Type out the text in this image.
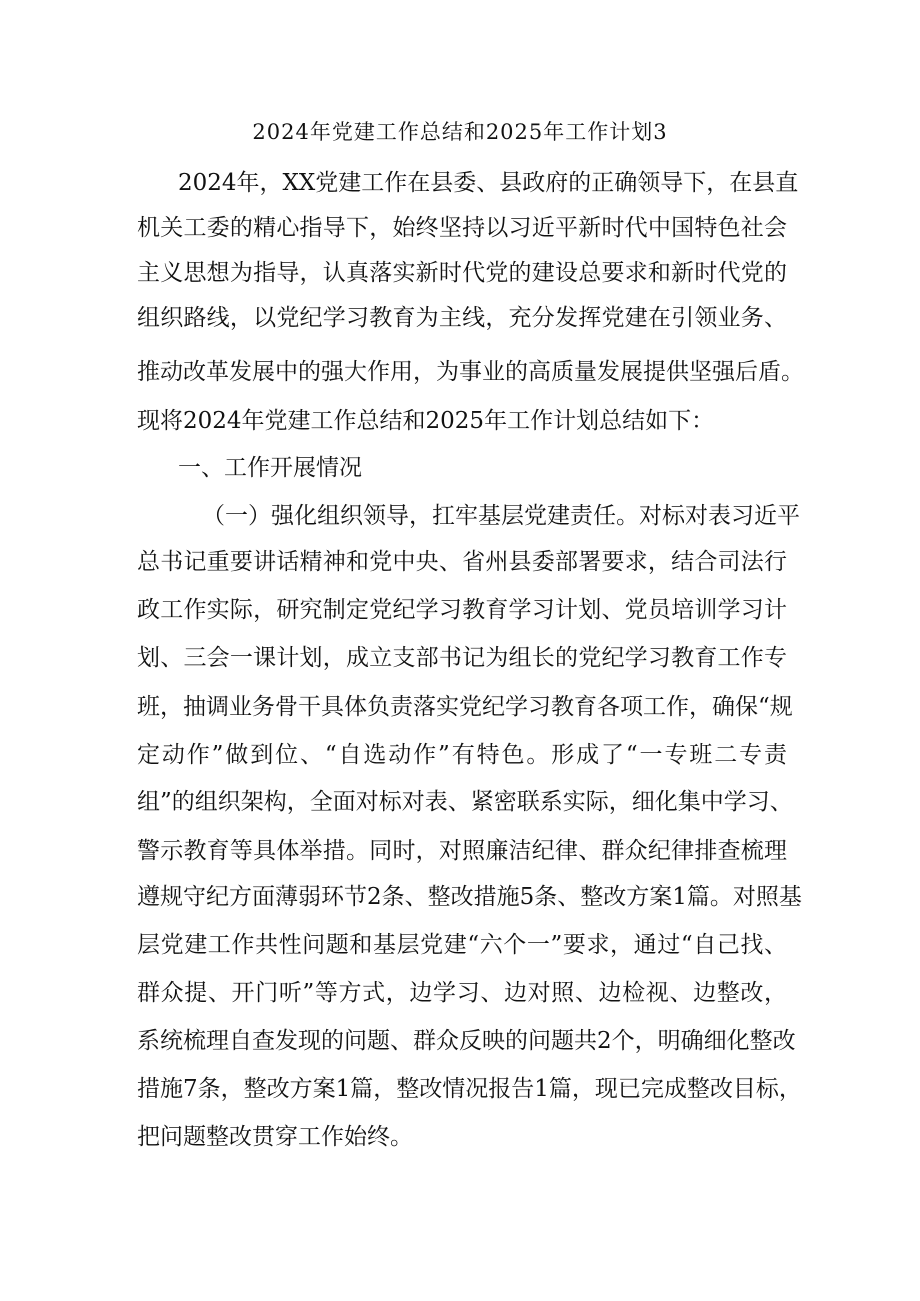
2024年党建工作总结和2025年工作计划3
2024年，XX党建工作在县委、县政府的正确领导下，在县直
机关工委的精心指导下，始终坚持以习近平新时代中国特色社会
主义思想为指导，认真落实新时代党的建设总要求和新时代党的
组织路线，以党纪学习教育为主线，充分发挥党建在引领业务、
推动改革发展中的强大作用，为事业的高质量发展提供坚强后盾。
现将2024年党建工作总结和2025年工作计划总结如下：
一、工作开展情况
（一）强化组织领导，扛牢基层党建责任。对标对表习近平
总书记重要讲话精神和党中央、省州县委部署要求，结合司法行
政工作实际，研究制定党纪学习教育学习计划、党员培训学习计
划、三会一课计划，成立支部书记为组长的党纪学习教育工作专
班，抽调业务骨干具体负责落实党纪学习教育各项工作，确保“规
定动作”做到位、“自选动作”有特色。形成了“一专班二专责
组”的组织架构，全面对标对表、紧密联系实际，细化集中学习、
警示教育等具体举措。同时，对照廉洁纪律、群众纪律排查梳理
遵规守纪方面薄弱环节2条、整改措施5条、整改方案1篇。对照基
层党建工作共性问题和基层党建“六个一”要求，通过“自己找、
群众提、开门听”等方式，边学习、边对照、边检视、边整改，
系统梳理自查发现的问题、群众反映的问题共2个，明确细化整改
措施7条，整改方案1篇，整改情况报告1篇，现已完成整改目标，
把问题整改贯穿工作始终。
